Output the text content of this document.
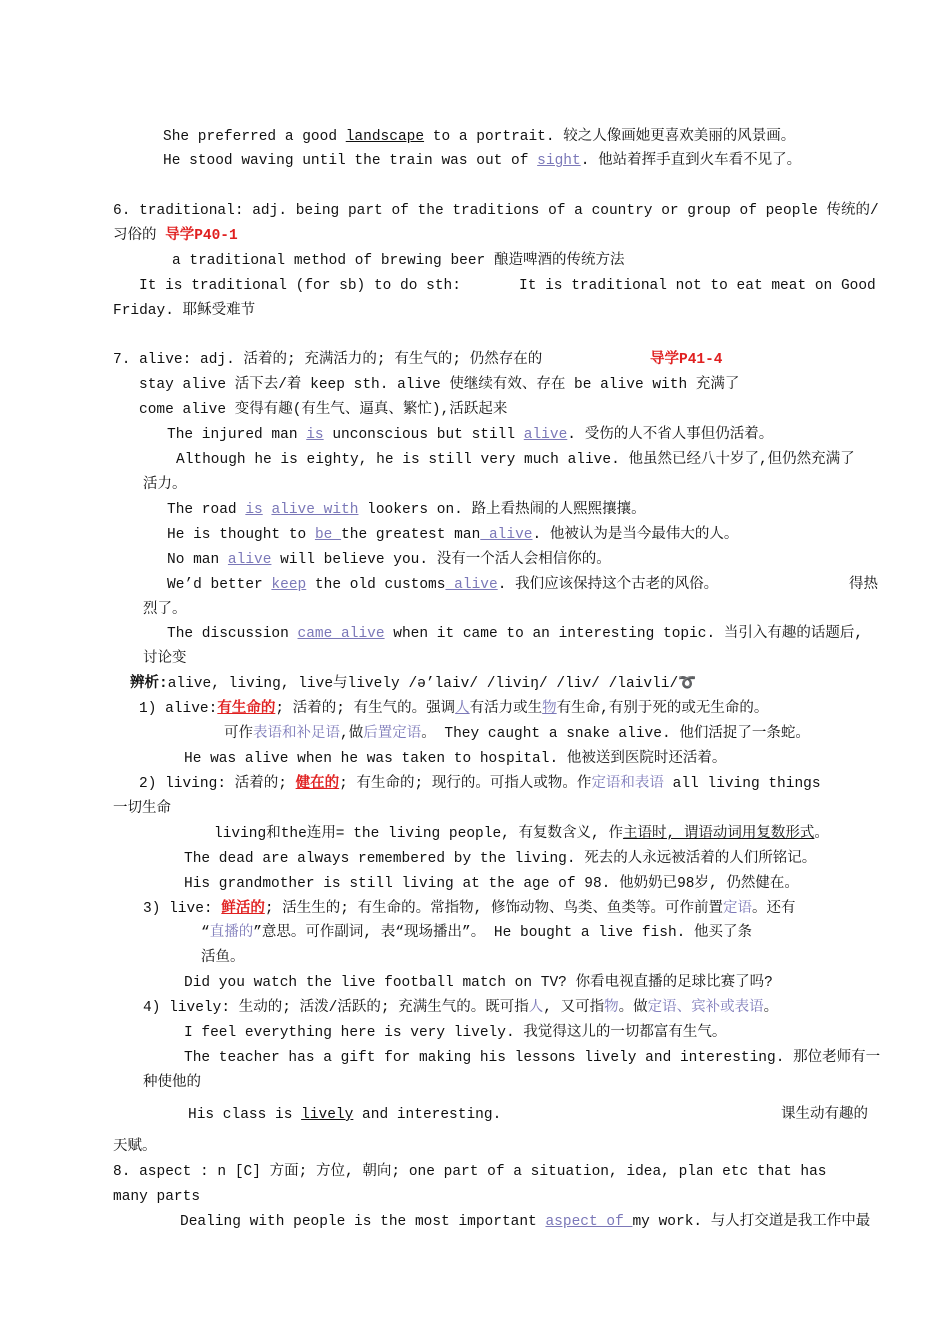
She preferred a good landscape to a portrait. 较之人像画她更喜欢美丽的风景画。
He stood waving until the train was out of sight. 他站着挥手直到火车看不见了。
6. traditional: adj. being part of the traditions of a country or group of people 传统的/
习俗的 导学P40-1
a traditional method of brewing beer 酿造啤酒的传统方法
It is traditional (for sb) to do sth:	It is traditional not to eat meat on Good
Friday. 耶稣受难节
7. alive: adj. 活着的; 充满活力的; 有生气的; 仍然存在的	导学P41-4
stay alive 活下去/着 keep sth. alive 使继续有效、存在 be alive with 充满了
come alive 变得有趣(有生气、逼真、繁忙),活跃起来
The injured man is unconscious but still alive. 受伤的人不省人事但仍活着。
Although he is eighty, he is still very much alive. 他虽然已经八十岁了,但仍然充满了
活力。
The road is alive with lookers on. 路上看热闹的人熙熙攘攘。
He is thought to be the greatest man alive. 他被认为是当今最伟大的人。
No man alive will believe you. 没有一个活人会相信你的。
We’d better keep the old customs alive. 我们应该保持这个古老的风俗。	得热
烈了。
The discussion came alive when it came to an interesting topic. 当引入有趣的话题后,
讨论变
辨析:alive, living, live与lively /ə’laiv/ /liviŋ/ /liv/ /laivli/➰
1) alive:有生命的; 活着的; 有生气的。强调人有活力或生物有生命,有别于死的或无生命的。
可作表语和补足语,做后置定语。 They caught a snake alive. 他们活捉了一条蛇。
He was alive when he was taken to hospital. 他被送到医院时还活着。
2) living: 活着的; 健在的; 有生命的; 现行的。可指人或物。作定语和表语 all living things
一切生命
living和the连用= the living people, 有复数含义, 作主语时, 谓语动词用复数形式。
The dead are always remembered by the living. 死去的人永远被活着的人们所铭记。
His grandmother is still living at the age of 98. 他奶奶已98岁, 仍然健在。
3) live: 鲜活的; 活生生的; 有生命的。常指物, 修饰动物、鸟类、鱼类等。可作前置定语。还有
“直播的”意思。可作副词, 表“现场播出”。 He bought a live fish. 他买了条
活鱼。
Did you watch the live football match on TV? 你看电视直播的足球比赛了吗?
4) lively: 生动的; 活泼/活跃的; 充满生气的。既可指人, 又可指物。做定语、宾补或表语。
I feel everything here is very lively. 我觉得这儿的一切都富有生气。
The teacher has a gift for making his lessons lively and interesting. 那位老师有一
种使他的
His class is lively and interesting.	课生动有趣的
天赋。
8. aspect : n [C] 方面; 方位, 朝向; one part of a situation, idea, plan etc that has
many parts
Dealing with people is the most important aspect of my work. 与人打交道是我工作中最
